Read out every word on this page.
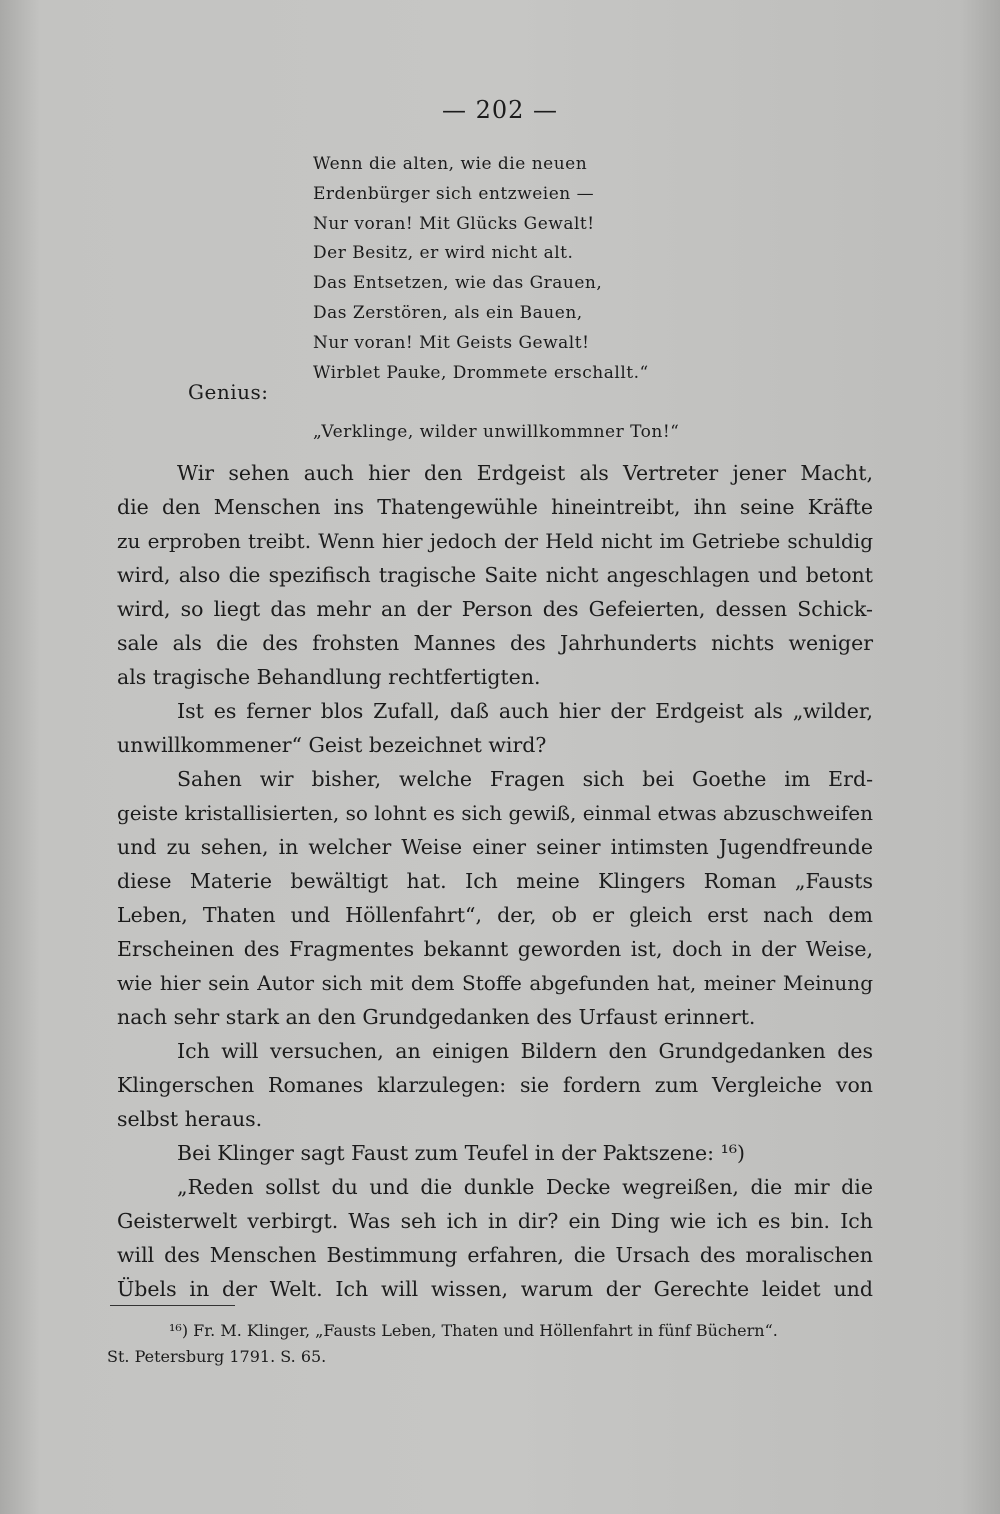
— 202 —
Wenn die alten, wie die neuen
Erdenbürger sich entzweien —
Nur voran! Mit Glücks Gewalt!
Der Besitz, er wird nicht alt.
Das Entsetzen, wie das Grauen,
Das Zerstören, als ein Bauen,
Nur voran! Mit Geists Gewalt!
Wirblet Pauke, Drommete erschallt.“
Genius:
„Verklinge, wilder unwillkommner Ton!“
Wir sehen auch hier den Erdgeist als Vertreter jener Macht,
die den Menschen ins Thatengewühle hineintreibt, ihn seine Kräfte
zu erproben treibt. Wenn hier jedoch der Held nicht im Getriebe schuldig
wird, also die spezifisch tragische Saite nicht angeschlagen und betont
wird, so liegt das mehr an der Person des Gefeierten, dessen Schick-
sale als die des frohsten Mannes des Jahrhunderts nichts weniger
als tragische Behandlung rechtfertigten.
Ist es ferner blos Zufall, daß auch hier der Erdgeist als „wilder,
unwillkommener“ Geist bezeichnet wird?
Sahen wir bisher, welche Fragen sich bei Goethe im Erd-
geiste kristallisierten, so lohnt es sich gewiß, einmal etwas abzuschweifen
und zu sehen, in welcher Weise einer seiner intimsten Jugendfreunde
diese Materie bewältigt hat. Ich meine Klingers Roman „Fausts
Leben, Thaten und Höllenfahrt“, der, ob er gleich erst nach dem
Erscheinen des Fragmentes bekannt geworden ist, doch in der Weise,
wie hier sein Autor sich mit dem Stoffe abgefunden hat, meiner Meinung
nach sehr stark an den Grundgedanken des Urfaust erinnert.
Ich will versuchen, an einigen Bildern den Grundgedanken des
Klingerschen Romanes klarzulegen: sie fordern zum Vergleiche von
selbst heraus.
Bei Klinger sagt Faust zum Teufel in der Paktszene: ¹⁶)
„Reden sollst du und die dunkle Decke wegreißen, die mir die
Geisterwelt verbirgt. Was seh ich in dir? ein Ding wie ich es bin. Ich
will des Menschen Bestimmung erfahren, die Ursach des moralischen
Übels in der Welt. Ich will wissen, warum der Gerechte leidet und
¹⁶) Fr. M. Klinger, „Fausts Leben, Thaten und Höllenfahrt in fünf Büchern“.
St. Petersburg 1791. S. 65.
